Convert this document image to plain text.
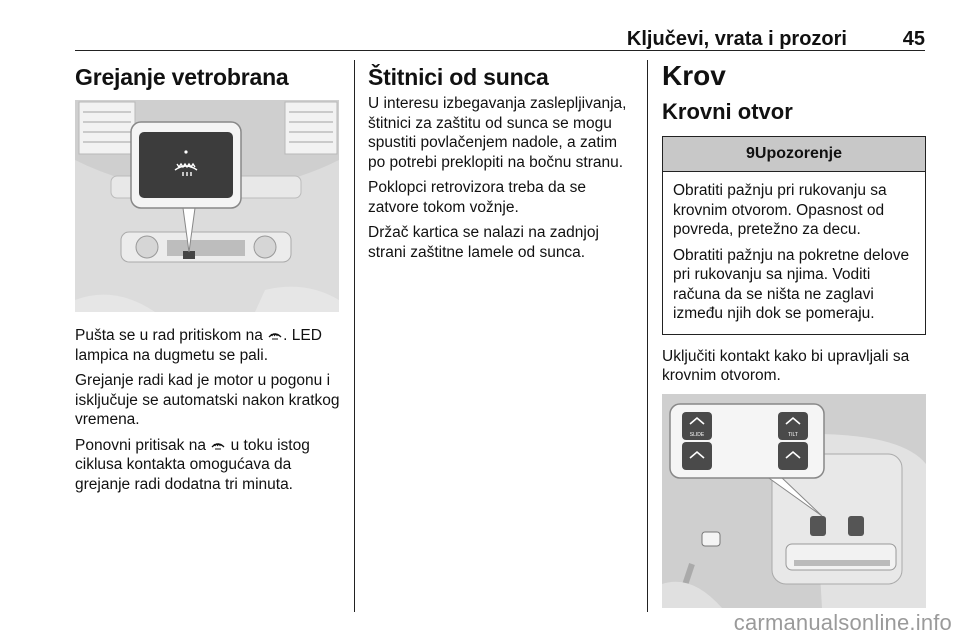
Ključevi, vrata i prozori	45
Grejanje vetrobrana

Pušta se u rad pritiskom na . LED lampica na dugmetu se pali.

Grejanje radi kad je motor u pogonu i isključuje se automatski nakon kratkog vremena.

Ponovni pritisak na  u toku istog ciklusa kontakta omogućava da grejanje radi dodatna tri minuta.

Štitnici od sunca

U interesu izbegavanja zaslepljivanja, štitnici za zaštitu od sunca se mogu spustiti povlačenjem nadole, a zatim po potrebi preklopiti na bočnu stranu.

Poklopci retrovizora treba da se zatvore tokom vožnje.

Držač kartica se nalazi na zadnjoj strani zaštitne lamele od sunca.

Krov
Krovni otvor
9Upozorenje

Obratiti pažnju pri rukovanju sa krovnim otvorom. Opasnost od povreda, pretežno za decu.

Obratiti pažnju na pokretne delove pri rukovanju sa njima. Voditi računa da se ništa ne zaglavi između njih dok se pomeraju.

Uključiti kontakt kako bi upravljali sa krovnim otvorom.

SLIDE	TILT
carmanualsonline.info
